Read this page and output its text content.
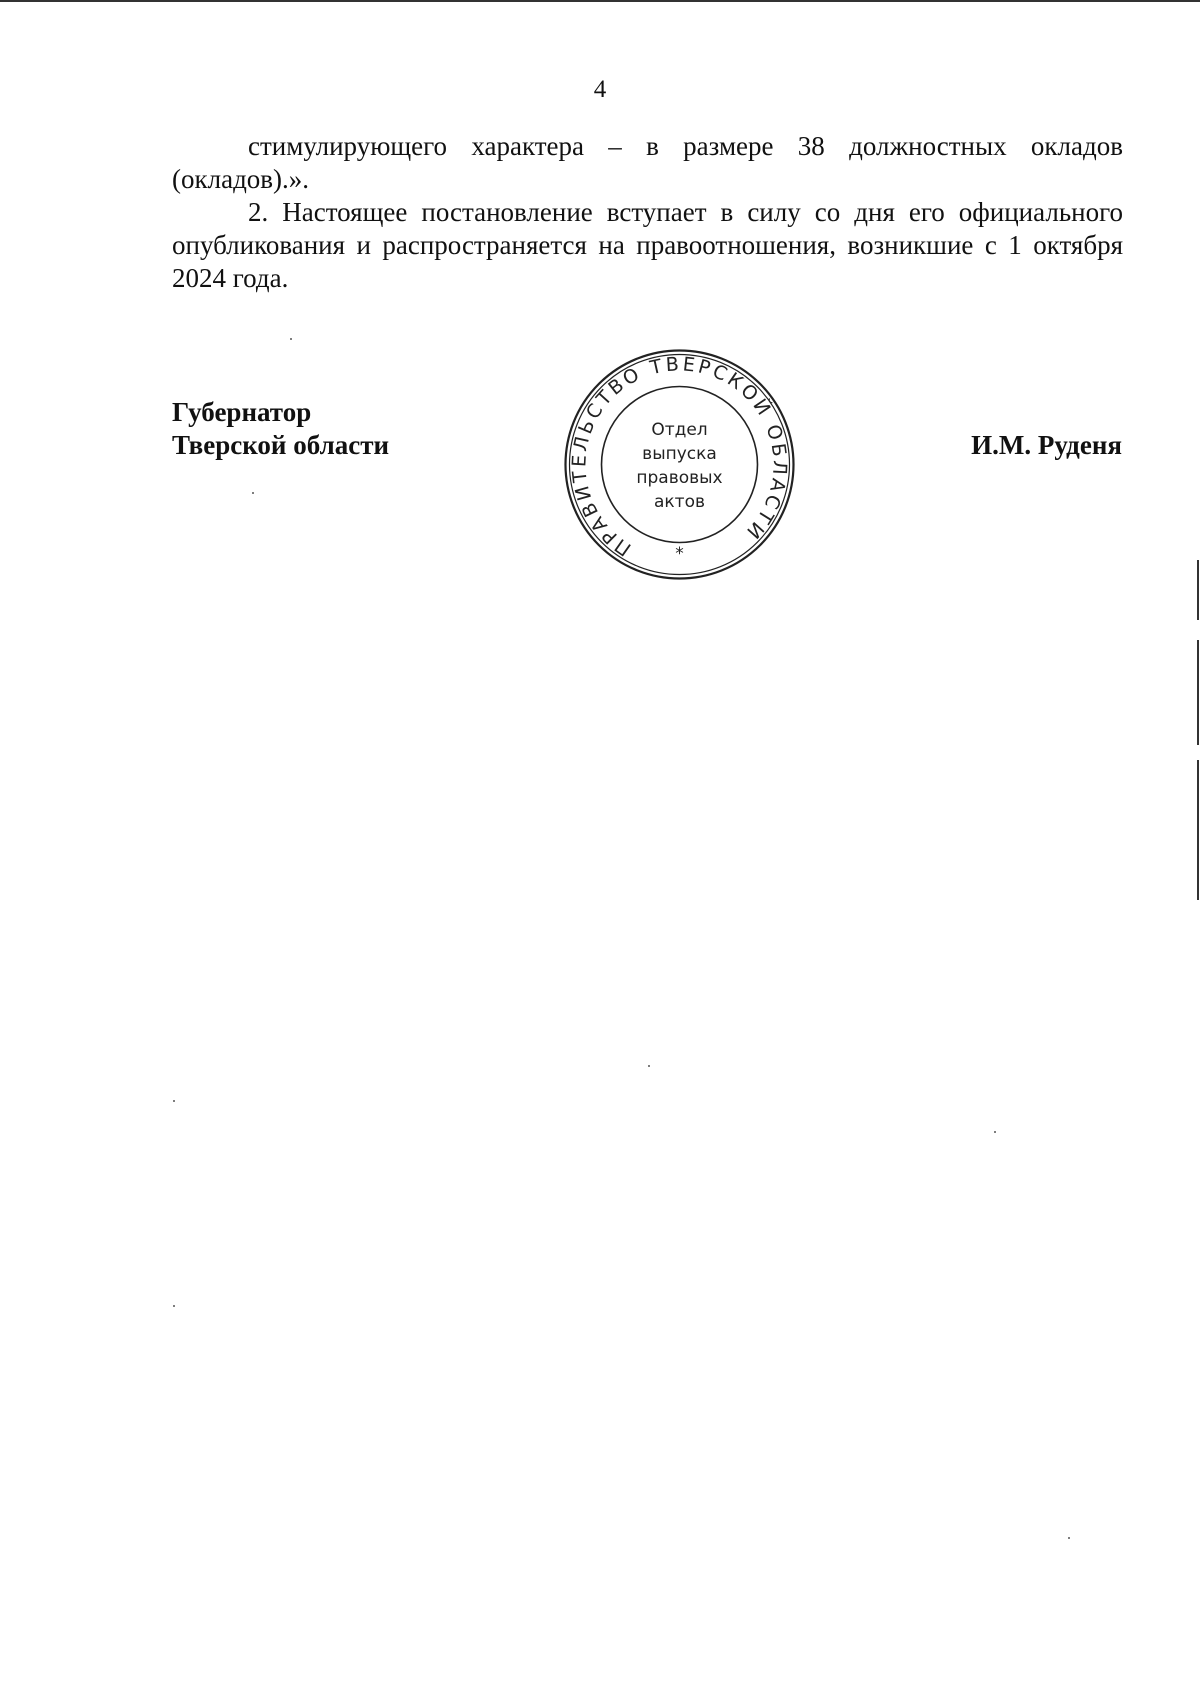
4

стимулирующего характера – в размере 38 должностных окладов (окладов).».

2. Настоящее постановление вступает в силу со дня его официального опубликования и распространяется на правоотношения, возникшие с 1 октября 2024 года.

Губернатор
Тверской области
ПРАВИТЕЛЬСТВО ТВЕРСКОЙ ОБЛАСТИ
*
Отдел
выпуска
правовых
актов
И.М. Руденя
